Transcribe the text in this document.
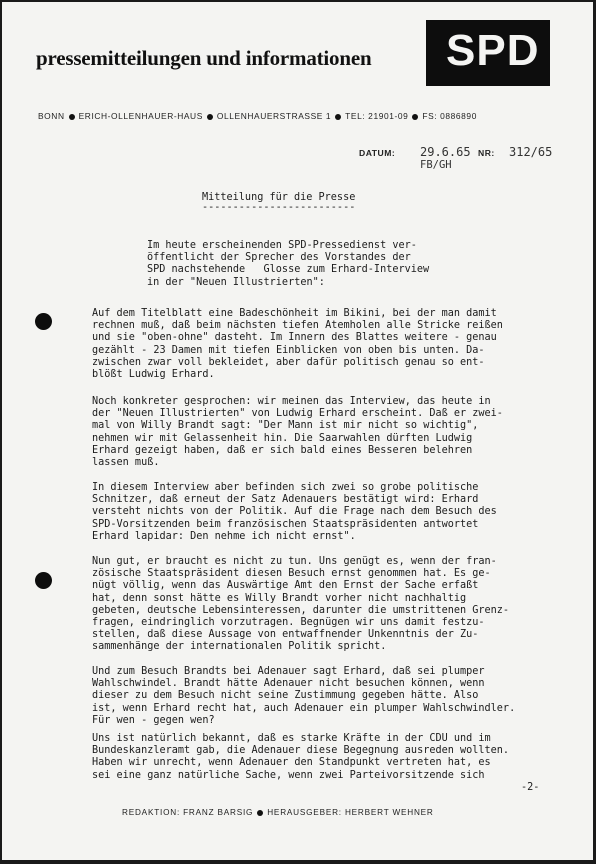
SPD
pressemitteilungen und informationen
BONN ERICH-OLLENHAUER-HAUS OLLENHAUERSTRASSE 1 TEL: 21901-09 FS: 0886890
DATUM: 29.6.65 NR: 312/65
FB/GH
Mitteilung für die Presse
-------------------------
Im heute erscheinenden SPD-Pressedienst ver-
öffentlicht der Sprecher des Vorstandes der
SPD nachstehende   Glosse zum Erhard-Interview
in der "Neuen Illustrierten":
Auf dem Titelblatt eine Badeschönheit im Bikini, bei der man damit
rechnen muß, daß beim nächsten tiefen Atemholen alle Stricke reißen
und sie "oben-ohne" dasteht. Im Innern des Blattes weitere - genau
gezählt - 23 Damen mit tiefen Einblicken von oben bis unten. Da-
zwischen zwar voll bekleidet, aber dafür politisch genau so ent-
blößt Ludwig Erhard.
Noch konkreter gesprochen: wir meinen das Interview, das heute in
der "Neuen Illustrierten" von Ludwig Erhard erscheint. Daß er zwei-
mal von Willy Brandt sagt: "Der Mann ist mir nicht so wichtig",
nehmen wir mit Gelassenheit hin. Die Saarwahlen dürften Ludwig
Erhard gezeigt haben, daß er sich bald eines Besseren belehren
lassen muß.
In diesem Interview aber befinden sich zwei so grobe politische
Schnitzer, daß erneut der Satz Adenauers bestätigt wird: Erhard
versteht nichts von der Politik. Auf die Frage nach dem Besuch des
SPD-Vorsitzenden beim französischen Staatspräsidenten antwortet
Erhard lapidar: Den nehme ich nicht ernst".
Nun gut, er braucht es nicht zu tun. Uns genügt es, wenn der fran-
zösische Staatspräsident diesen Besuch ernst genommen hat. Es ge-
nügt völlig, wenn das Auswärtige Amt den Ernst der Sache erfaßt
hat, denn sonst hätte es Willy Brandt vorher nicht nachhaltig
gebeten, deutsche Lebensinteressen, darunter die umstrittenen Grenz-
fragen, eindringlich vorzutragen. Begnügen wir uns damit festzu-
stellen, daß diese Aussage von entwaffnender Unkenntnis der Zu-
sammenhänge der internationalen Politik spricht.
Und zum Besuch Brandts bei Adenauer sagt Erhard, daß sei plumper
Wahlschwindel. Brandt hätte Adenauer nicht besuchen können, wenn
dieser zu dem Besuch nicht seine Zustimmung gegeben hätte. Also
ist, wenn Erhard recht hat, auch Adenauer ein plumper Wahlschwindler.
Für wen - gegen wen?
Uns ist natürlich bekannt, daß es starke Kräfte in der CDU und im
Bundeskanzleramt gab, die Adenauer diese Begegnung ausreden wollten.
Haben wir unrecht, wenn Adenauer den Standpunkt vertreten hat, es
sei eine ganz natürliche Sache, wenn zwei Parteivorsitzende sich
-2-
REDAKTION: FRANZ BARSIG HERAUSGEBER: HERBERT WEHNER
